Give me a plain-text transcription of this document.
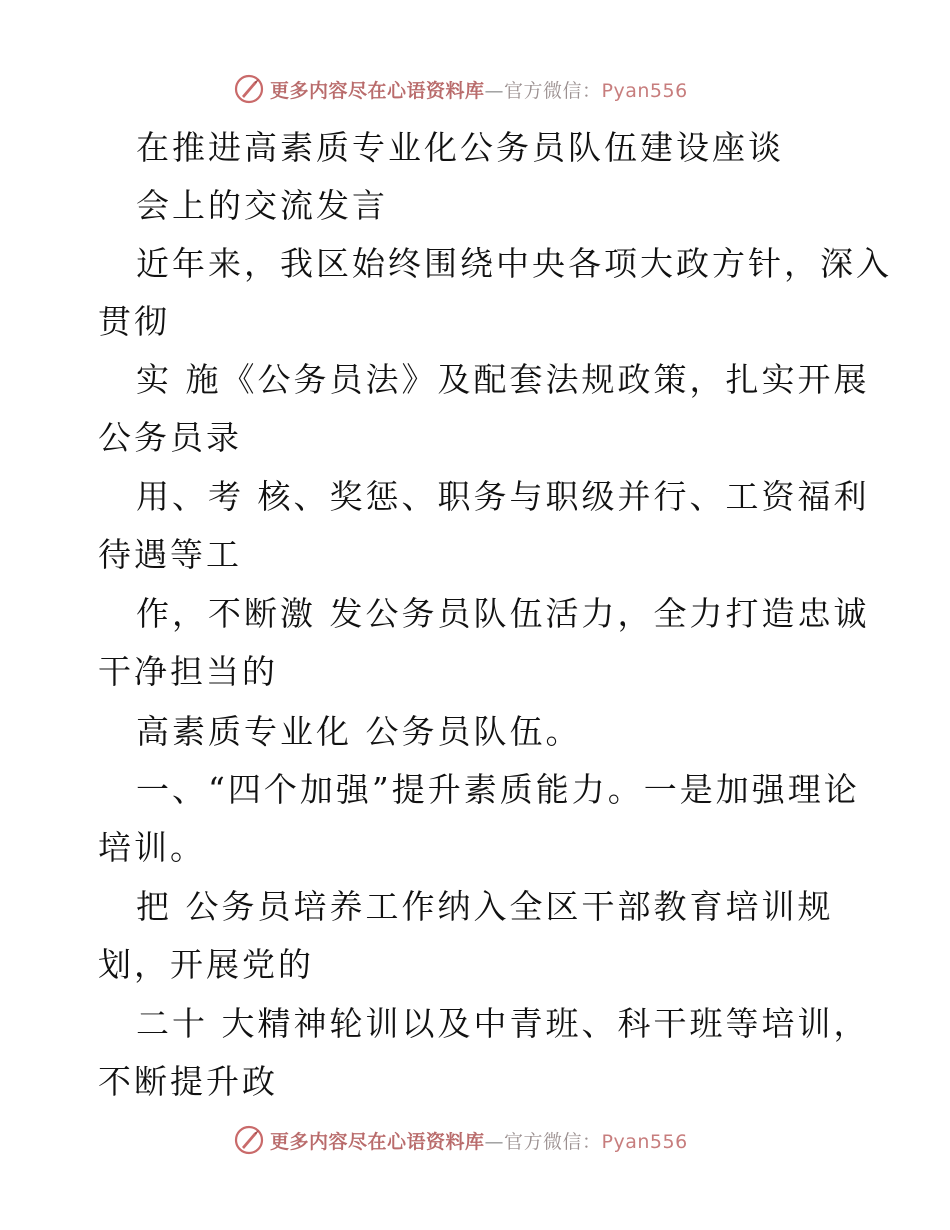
更多内容尽在心语资料库—官方微信：Pyan556
在推进高素质专业化公务员队伍建设座谈
会上的交流发言
近年来，我区始终围绕中央各项大政方针，深入
贯彻
实 施《公务员法》及配套法规政策，扎实开展
公务员录
用、考 核、奖惩、职务与职级并行、工资福利
待遇等工
作，不断激 发公务员队伍活力，全力打造忠诚
干净担当的
高素质专业化 公务员队伍。
一、“四个加强”提升素质能力。一是加强理论
培训。
把 公务员培养工作纳入全区干部教育培训规
划，开展党的
二十 大精神轮训以及中青班、科干班等培训，
不断提升政
更多内容尽在心语资料库—官方微信：Pyan556
